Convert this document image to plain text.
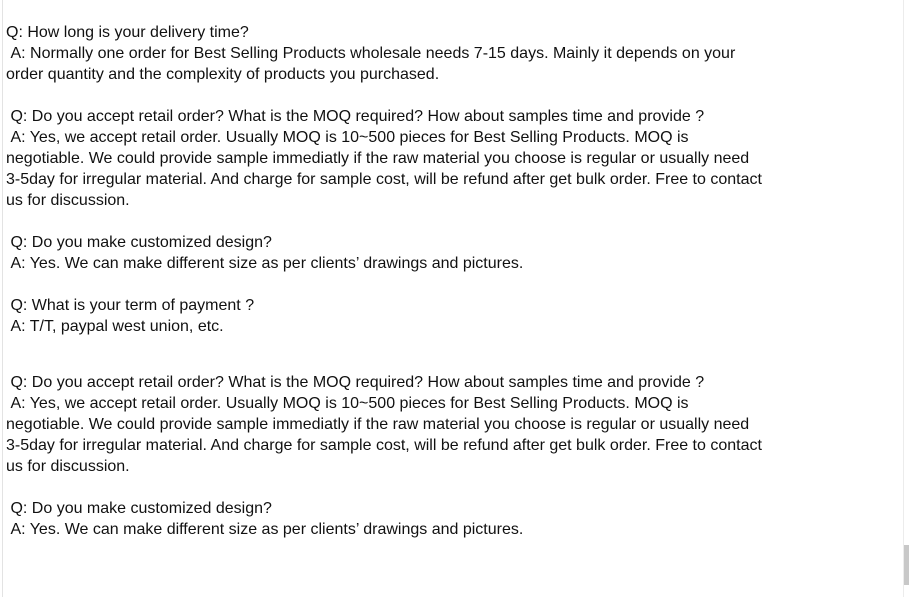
Q: How long is your delivery time?

A: Normally one order for Best Selling Products wholesale needs 7-15 days. Mainly it depends on your order quantity and the complexity of products you purchased.

Q: Do you accept retail order? What is the MOQ required? How about samples time and provide ?

A: Yes, we accept retail order. Usually MOQ is 10~500 pieces for Best Selling Products. MOQ is negotiable. We could provide sample immediatly if the raw material you choose is regular or usually need 3-5day for irregular material. And charge for sample cost, will be refund after get bulk order. Free to contact us for discussion.

Q: Do you make customized design?

A: Yes. We can make different size as per clients’ drawings and pictures.

Q: What is your term of payment ?

A: T/T, paypal west union, etc.

Q: Do you accept retail order? What is the MOQ required? How about samples time and provide ?

A: Yes, we accept retail order. Usually MOQ is 10~500 pieces for Best Selling Products. MOQ is negotiable. We could provide sample immediatly if the raw material you choose is regular or usually need 3-5day for irregular material. And charge for sample cost, will be refund after get bulk order. Free to contact us for discussion.

Q: Do you make customized design?

A: Yes. We can make different size as per clients’ drawings and pictures.
